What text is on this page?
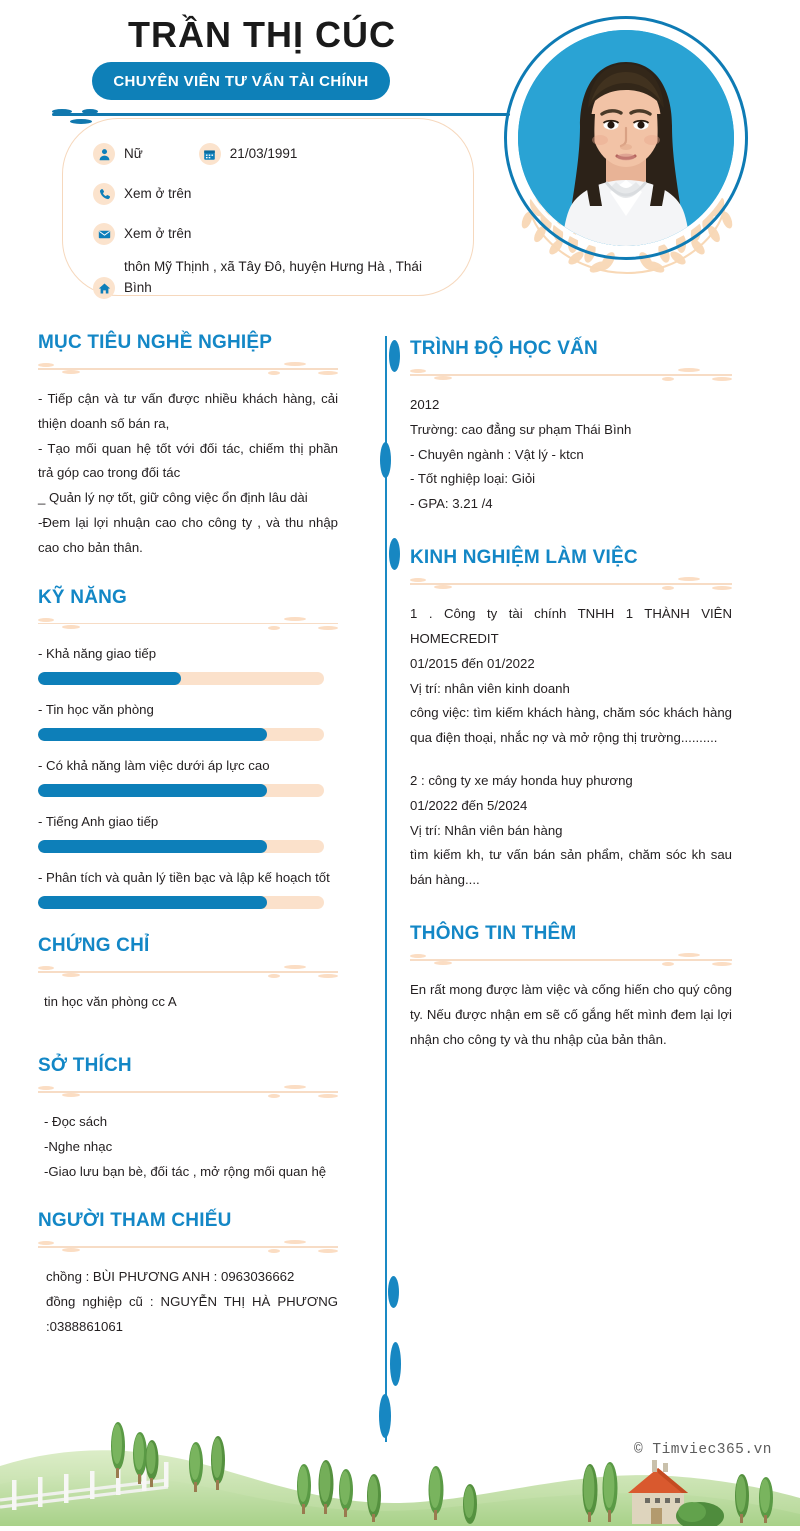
TRẦN THỊ CÚC
CHUYÊN VIÊN TƯ VẤN TÀI CHÍNH
Nữ	21/03/1991
Xem ở trên
Xem ở trên
thôn Mỹ Thịnh , xã Tây Đô, huyện Hưng Hà , Thái Bình
MỤC TIÊU NGHỀ NGHIỆP
- Tiếp cận và tư vấn được nhiều khách hàng, cải thiện doanh số bán ra,
- Tạo mối quan hệ tốt với đối tác, chiếm thị phần trả góp cao trong đối tác
_ Quản lý nợ tốt, giữ công việc ổn định lâu dài
-Đem lại lợi nhuận cao cho công ty , và thu nhập cao cho bản thân.
KỸ NĂNG
- Khả năng giao tiếp
- Tin học văn phòng
- Có khả năng làm việc dưới áp lực cao
- Tiếng Anh giao tiếp
- Phân tích và quản lý tiền bạc và lập kế hoạch tốt
CHỨNG CHỈ
tin học văn phòng cc A
SỞ THÍCH
- Đọc sách
-Nghe nhạc
-Giao lưu bạn bè, đối tác , mở rộng mối quan hệ
NGƯỜI THAM CHIẾU
chồng : BÙI PHƯƠNG ANH : 0963036662
đồng nghiệp cũ : NGUYỄN THỊ HÀ PHƯƠNG :0388861061
TRÌNH ĐỘ HỌC VẤN
2012
Trường: cao đẳng sư phạm Thái Bình
- Chuyên ngành : Vật lý - ktcn
- Tốt nghiệp loại: Giỏi
- GPA: 3.21 /4
KINH NGHIỆM LÀM VIỆC
1 . Công ty tài chính TNHH 1 THÀNH VIÊN HOMECREDIT
01/2015 đến 01/2022
Vị trí: nhân viên kinh doanh
công việc: tìm kiếm khách hàng, chăm sóc khách hàng qua điện thoại, nhắc nợ và mở rộng thị trường..........
2 : công ty xe máy honda huy phương
01/2022 đến 5/2024
Vị trí: Nhân viên bán hàng
tìm kiếm kh, tư vấn bán sản phẩm, chăm sóc kh sau bán hàng....
THÔNG TIN THÊM
En rất mong được làm việc và cống hiến cho quý công ty. Nếu được nhận em sẽ cố gắng hết mình đem lại lợi nhận cho công ty và thu nhập của bản thân.
© Timviec365.vn
